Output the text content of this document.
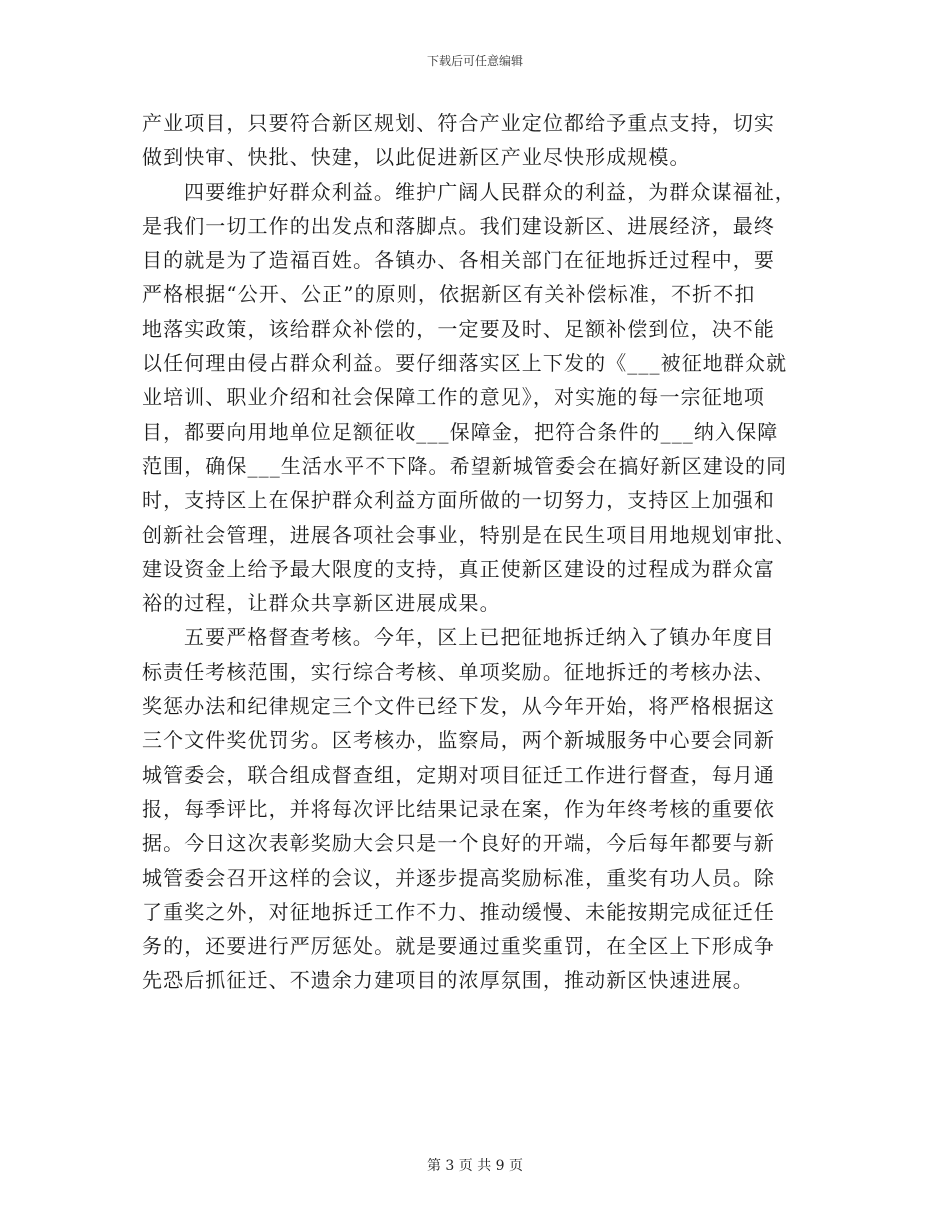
下载后可任意编辑
产业项目，只要符合新区规划、符合产业定位都给予重点支持，切实
做到快审、快批、快建，以此促进新区产业尽快形成规模。
四要维护好群众利益。维护广阔人民群众的利益，为群众谋福祉，
是我们一切工作的出发点和落脚点。我们建设新区、进展经济，最终
目的就是为了造福百姓。各镇办、各相关部门在征地拆迁过程中，要
严格根据“公开、公正”的原则，依据新区有关补偿标准，不折不扣
地落实政策，该给群众补偿的，一定要及时、足额补偿到位，决不能
以任何理由侵占群众利益。要仔细落实区上下发的《___被征地群众就
业培训、职业介绍和社会保障工作的意见》，对实施的每一宗征地项
目，都要向用地单位足额征收___保障金，把符合条件的___纳入保障
范围，确保___生活水平不下降。希望新城管委会在搞好新区建设的同
时，支持区上在保护群众利益方面所做的一切努力，支持区上加强和
创新社会管理，进展各项社会事业，特别是在民生项目用地规划审批、
建设资金上给予最大限度的支持，真正使新区建设的过程成为群众富
裕的过程，让群众共享新区进展成果。
五要严格督查考核。今年，区上已把征地拆迁纳入了镇办年度目
标责任考核范围，实行综合考核、单项奖励。征地拆迁的考核办法、
奖惩办法和纪律规定三个文件已经下发，从今年开始，将严格根据这
三个文件奖优罚劣。区考核办，监察局，两个新城服务中心要会同新
城管委会，联合组成督查组，定期对项目征迁工作进行督查，每月通
报，每季评比，并将每次评比结果记录在案，作为年终考核的重要依
据。今日这次表彰奖励大会只是一个良好的开端，今后每年都要与新
城管委会召开这样的会议，并逐步提高奖励标准，重奖有功人员。除
了重奖之外，对征地拆迁工作不力、推动缓慢、未能按期完成征迁任
务的，还要进行严厉惩处。就是要通过重奖重罚，在全区上下形成争
先恐后抓征迁、不遗余力建项目的浓厚氛围，推动新区快速进展。
第 3 页 共 9 页
